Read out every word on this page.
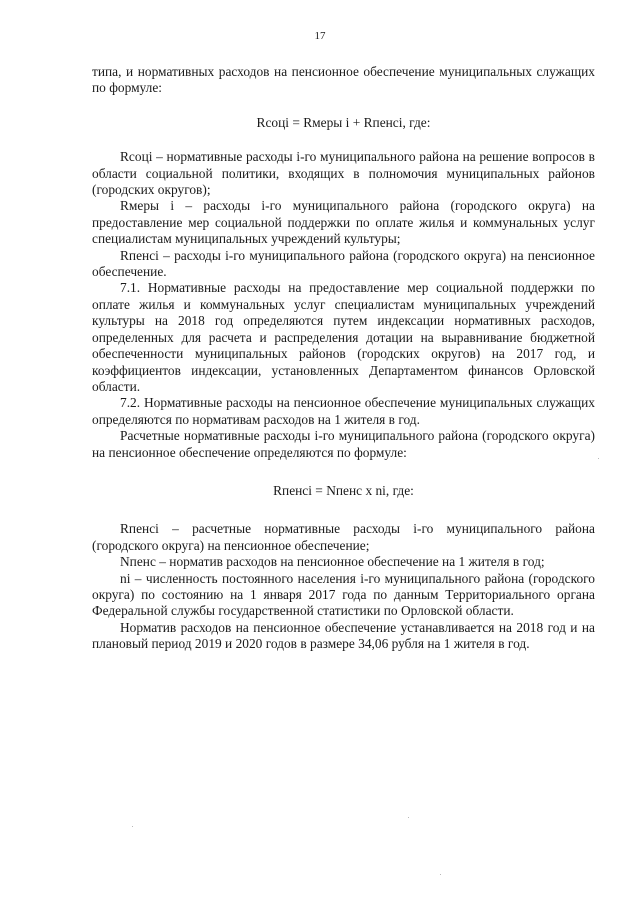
17

типа, и нормативных расходов на пенсионное обеспечение муниципальных служащих по формуле:

Rсоці = Rмеры і + Rпенсі, где:

Rсоці – нормативные расходы і-го муниципального района на решение вопросов в области социальной политики, входящих в полномочия муниципальных районов (городских округов);

Rмеры і – расходы і-го муниципального района (городского округа) на предоставление мер социальной поддержки по оплате жилья и коммунальных услуг специалистам муниципальных учреждений культуры;

Rпенсі – расходы і-го муниципального района (городского округа) на пенсионное обеспечение.

7.1. Нормативные расходы на предоставление мер социальной поддержки по оплате жилья и коммунальных услуг специалистам муниципальных учреждений культуры на 2018 год определяются путем индексации нормативных расходов, определенных для расчета и распределения дотации на выравнивание бюджетной обеспеченности муниципальных районов (городских округов) на 2017 год, и коэффициентов индексации, установленных Департаментом финансов Орловской области.

7.2. Нормативные расходы на пенсионное обеспечение муниципальных служащих определяются по нормативам расходов на 1 жителя в год.

Расчетные нормативные расходы і-го муниципального района (городского округа) на пенсионное обеспечение определяются по формуле:

Rпенсі = Nпенс x nі, где:

Rпенсі – расчетные нормативные расходы і-го муниципального района (городского округа) на пенсионное обеспечение;

Nпенс – норматив расходов на пенсионное обеспечение на 1 жителя в год;

nі – численность постоянного населения і-го муниципального района (городского округа) по состоянию на 1 января 2017 года по данным Территориального органа Федеральной службы государственной статистики по Орловской области.

Норматив расходов на пенсионное обеспечение устанавливается на 2018 год и на плановый период 2019 и 2020 годов в размере 34,06 рубля на 1 жителя в год.
